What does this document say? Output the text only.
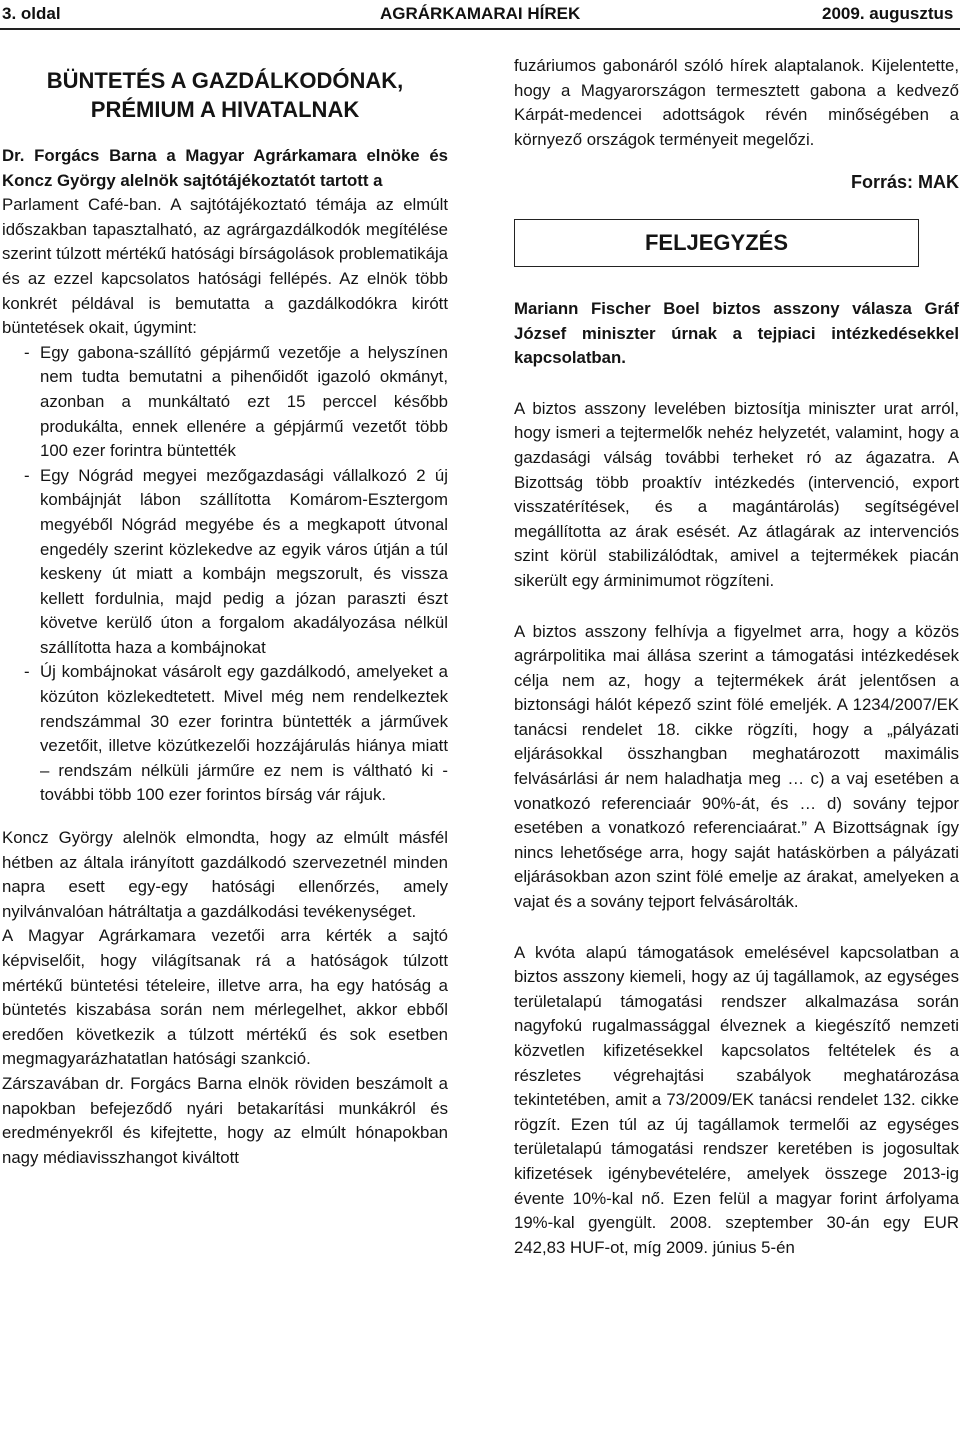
3. oldal	AGRÁRKAMARAI HÍREK	2009. augusztus
BÜNTETÉS A GAZDÁLKODÓNAK,
PRÉMIUM A HIVATALNAK

Dr. Forgács Barna a Magyar Agrárkamara elnöke és Koncz György alelnök sajtótájékoztatót tartott a

Parlament Café-ban. A sajtótájékoztató témája az elmúlt időszakban tapasztalható, az agrárgazdálkodók megítélése szerint túlzott mértékű hatósági bírságolások problematikája és az ezzel kapcsolatos hatósági fellépés. Az elnök több konkrét példával is bemutatta a gazdálkodókra kirótt büntetések okait, úgymint:

- Egy gabona-szállító gépjármű vezetője a helyszínen nem tudta bemutatni a pihenőidőt igazoló okmányt, azonban a munkáltató ezt 15 perccel később produkálta, ennek ellenére a gépjármű vezetőt több 100 ezer forintra büntették
- Egy Nógrád megyei mezőgazdasági vállalkozó 2 új kombájnját lábon szállította Komárom-Esztergom megyéből Nógrád megyébe és a megkapott útvonal engedély szerint közlekedve az egyik város útján a túl keskeny út miatt a kombájn megszorult, és vissza kellett fordulnia, majd pedig a józan paraszti észt követve kerülő úton a forgalom akadályozása nélkül szállította haza a kombájnokat
- Új kombájnokat vásárolt egy gazdálkodó, amelyeket a közúton közlekedtetett. Mivel még nem rendelkeztek rendszámmal 30 ezer forintra büntették a járművek vezetőit, illetve közútkezelői hozzájárulás hiánya miatt – rendszám nélküli járműre ez nem is váltható ki - további több 100 ezer forintos bírság vár rájuk.

Koncz György alelnök elmondta, hogy az elmúlt másfél hétben az általa irányított gazdálkodó szervezetnél minden napra esett egy-egy hatósági ellenőrzés, amely nyilvánvalóan hátráltatja a gazdálkodási tevékenységet.

A Magyar Agrárkamara vezetői arra kérték a sajtó képviselőit, hogy világítsanak rá a hatóságok túlzott mértékű büntetési tételeire, illetve arra, ha egy hatóság a büntetés kiszabása során nem mérlegelhet, akkor ebből eredően következik a túlzott mértékű és sok esetben megmagyarázhatatlan hatósági szankció.

Zárszavában dr. Forgács Barna elnök röviden beszámolt a napokban befejeződő nyári betakarítási munkákról és eredményekről és kifejtette, hogy az elmúlt hónapokban nagy médiavisszhangot kiváltott

fuzáriumos gabonáról szóló hírek alaptalanok. Kijelentette, hogy a Magyarországon termesztett gabona a kedvező Kárpát-medencei adottságok révén minőségében a környező országok terményeit megelőzi.

Forrás: MAK
FELJEGYZÉS

Mariann Fischer Boel biztos asszony válasza Gráf József miniszter úrnak a tejpiaci intézkedésekkel kapcsolatban.

A biztos asszony levelében biztosítja miniszter urat arról, hogy ismeri a tejtermelők nehéz helyzetét, valamint, hogy a gazdasági válság további terheket ró az ágazatra. A Bizottság több proaktív intézkedés (intervenció, export visszatérítések, és a magántárolás) segítségével megállította az árak esését. Az átlagárak az intervenciós szint körül stabilizálódtak, amivel a tejtermékek piacán sikerült egy árminimumot rögzíteni.

A biztos asszony felhívja a figyelmet arra, hogy a közös agrárpolitika mai állása szerint a támogatási intézkedések célja nem az, hogy a tejtermékek árát jelentősen a biztonsági hálót képező szint fölé emeljék. A 1234/2007/EK tanácsi rendelet 18. cikke rögzíti, hogy a „pályázati eljárásokkal összhangban meghatározott maximális felvásárlási ár nem haladhatja meg … c) a vaj esetében a vonatkozó referenciaár 90%-át, és … d) sovány tejpor esetében a vonatkozó referenciaárat.” A Bizottságnak így nincs lehetősége arra, hogy saját hatáskörben a pályázati eljárásokban azon szint fölé emelje az árakat, amelyeken a vajat és a sovány tejport felvásárolták.

A kvóta alapú támogatások emelésével kapcsolatban a biztos asszony kiemeli, hogy az új tagállamok, az egységes területalapú támogatási rendszer alkalmazása során nagyfokú rugalmassággal élveznek a kiegészítő nemzeti közvetlen kifizetésekkel kapcsolatos feltételek és a részletes végrehajtási szabályok meghatározása tekintetében, amit a 73/2009/EK tanácsi rendelet 132. cikke rögzít. Ezen túl az új tagállamok termelői az egységes területalapú támogatási rendszer keretében is jogosultak kifizetések igénybevételére, amelyek összege 2013-ig évente 10%-kal nő. Ezen felül a magyar forint árfolyama 19%-kal gyengült. 2008. szeptember 30-án egy EUR 242,83 HUF-ot, míg 2009. június 5-én
